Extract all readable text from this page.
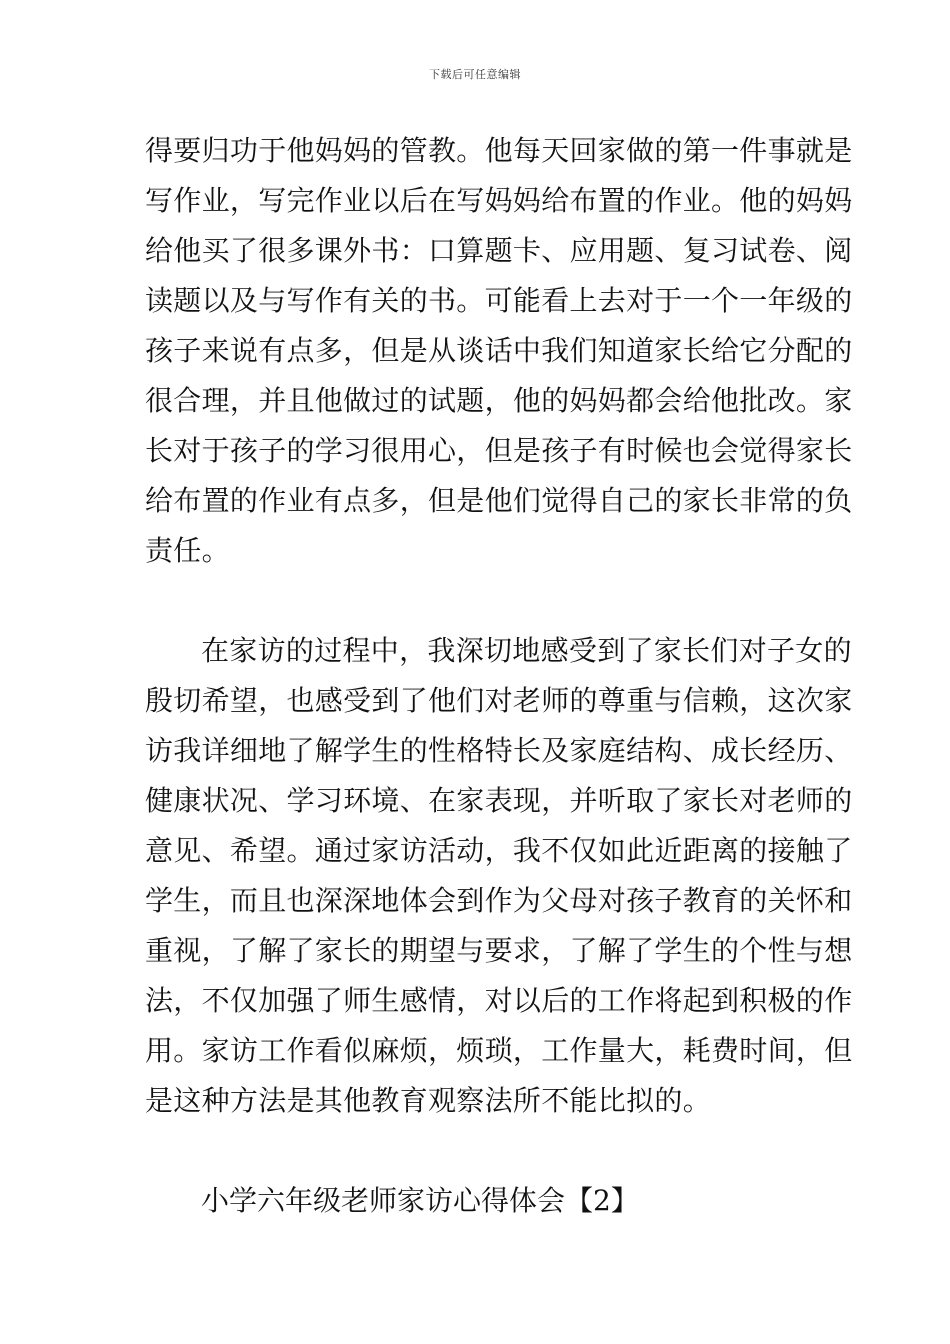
下载后可任意编辑
得要归功于他妈妈的管教。他每天回家做的第一件事就是
写作业，写完作业以后在写妈妈给布置的作业。他的妈妈
给他买了很多课外书：口算题卡、应用题、复习试卷、阅
读题以及与写作有关的书。可能看上去对于一个一年级的
孩子来说有点多，但是从谈话中我们知道家长给它分配的
很合理，并且他做过的试题，他的妈妈都会给他批改。家
长对于孩子的学习很用心，但是孩子有时候也会觉得家长
给布置的作业有点多，但是他们觉得自己的家长非常的负
责任。
在家访的过程中，我深切地感受到了家长们对子女的
殷切希望，也感受到了他们对老师的尊重与信赖，这次家
访我详细地了解学生的性格特长及家庭结构、成长经历、
健康状况、学习环境、在家表现，并听取了家长对老师的
意见、希望。通过家访活动，我不仅如此近距离的接触了
学生，而且也深深地体会到作为父母对孩子教育的关怀和
重视，了解了家长的期望与要求，了解了学生的个性与想
法，不仅加强了师生感情，对以后的工作将起到积极的作
用。家访工作看似麻烦，烦琐，工作量大，耗费时间，但
是这种方法是其他教育观察法所不能比拟的。
小学六年级老师家访心得体会【2】
